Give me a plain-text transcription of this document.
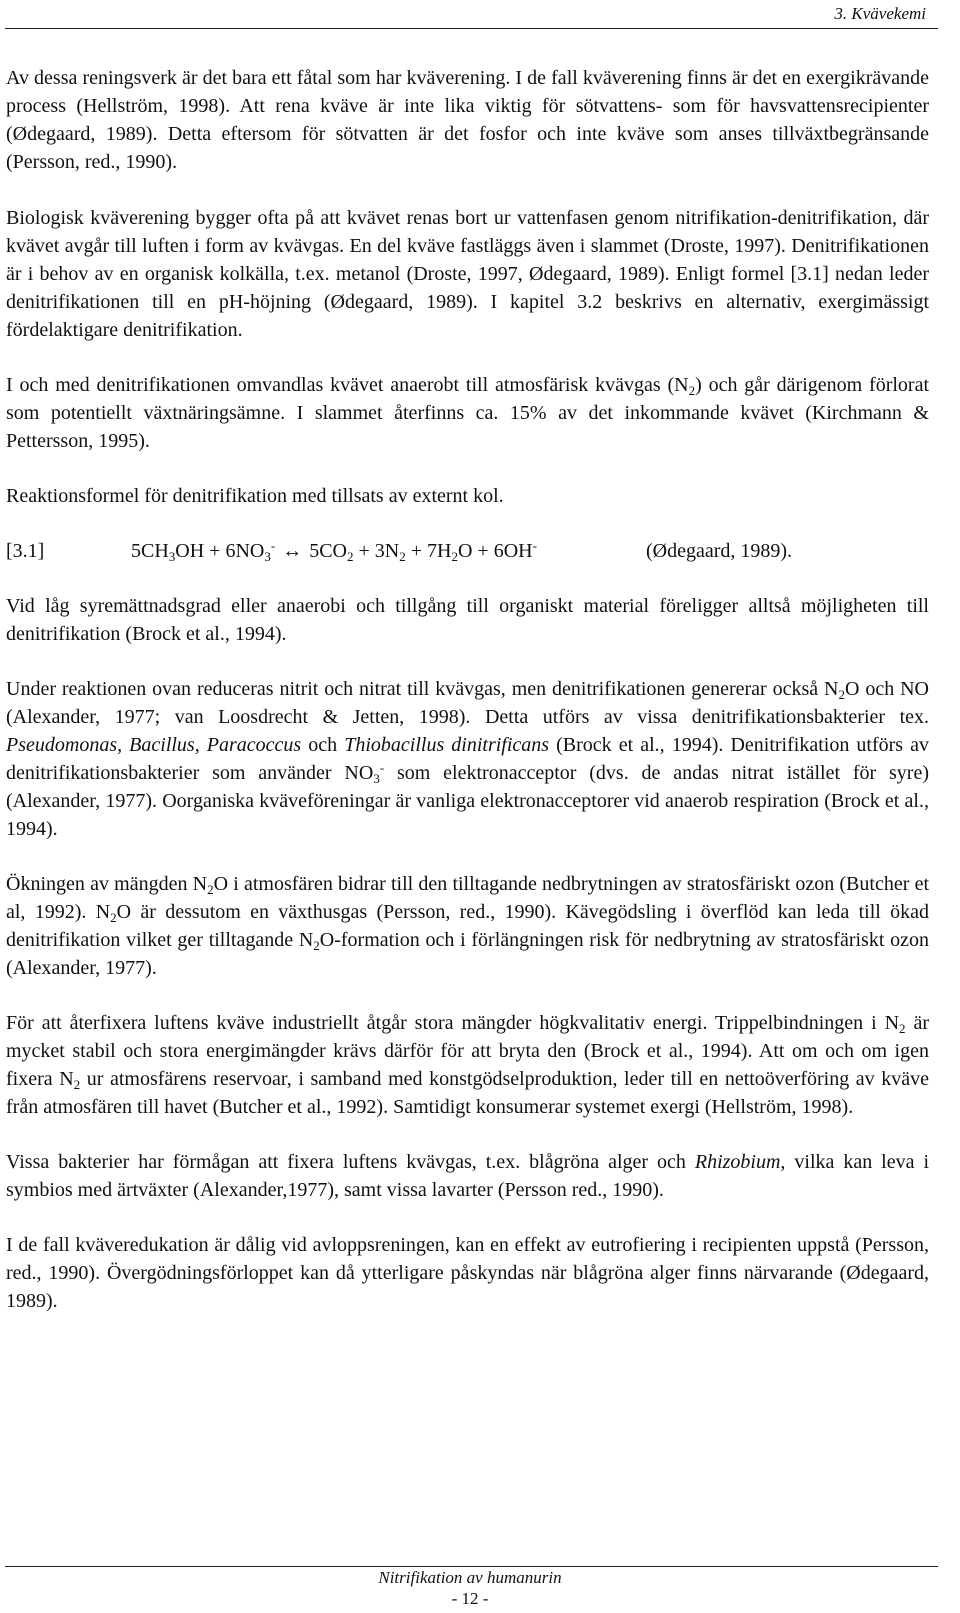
3. Kvävekemi

Av dessa reningsverk är det bara ett fåtal som har kväverening. I de fall kväverening finns är det en exergikrävande process (Hellström, 1998). Att rena kväve är inte lika viktig för sötvattens- som för havsvattensrecipienter (Ødegaard, 1989). Detta eftersom för sötvatten är det fosfor och inte kväve som anses tillväxtbegränsande (Persson, red., 1990).

Biologisk kväverening bygger ofta på att kvävet renas bort ur vattenfasen genom nitrifikation-denitrifikation, där kvävet avgår till luften i form av kvävgas. En del kväve fastläggs även i slammet (Droste, 1997). Denitrifikationen är i behov av en organisk kolkälla, t.ex. metanol (Droste, 1997, Ødegaard, 1989). Enligt formel [3.1] nedan leder denitrifikationen till en pH-höjning (Ødegaard, 1989). I kapitel 3.2 beskrivs en alternativ, exergimässigt fördelaktigare denitrifikation.

I och med denitrifikationen omvandlas kvävet anaerobt till atmosfärisk kvävgas $(N_2)$ och går därigenom förlorat som potentiellt växtnäringsämne. I slammet återfinns ca. 15% av det inkommande kvävet (Kirchmann & Pettersson, 1995).

Reaktionsformel för denitrifikation med tillsats av externt kol.

[3.1]	$5CH_3OH + 6NO_3^-$ ↔ $5CO_2 + 3N_2 + 7H_2O + 6OH^-$	(Ødegaard, 1989).

Vid låg syremättnadsgrad eller anaerobi och tillgång till organiskt material föreligger alltså möjligheten till denitrifikation (Brock et al., 1994).

Under reaktionen ovan reduceras nitrit och nitrat till kvävgas, men denitrifikationen genererar också $N_2O$ och NO (Alexander, 1977; van Loosdrecht & Jetten, 1998). Detta utförs av vissa denitrifikationsbakterier tex. Pseudomonas, Bacillus, Paracoccus och Thiobacillus dinitrificans (Brock et al., 1994). Denitrifikation utförs av denitrifikationsbakterier som använder $NO_3^-$ som elektronacceptor (dvs. de andas nitrat istället för syre) (Alexander, 1977). Oorganiska kväveföreningar är vanliga elektronacceptorer vid anaerob respiration (Brock et al., 1994).

Ökningen av mängden $N_2O$ i atmosfären bidrar till den tilltagande nedbrytningen av stratosfäriskt ozon (Butcher et al, 1992). $N_2O$ är dessutom en växthusgas (Persson, red., 1990). Kävegödsling i överflöd kan leda till ökad denitrifikation vilket ger tilltagande $N_2O$-formation och i förlängningen risk för nedbrytning av stratosfäriskt ozon (Alexander, 1977).

För att återfixera luftens kväve industriellt åtgår stora mängder högkvalitativ energi. Trippelbindningen i $N_2$ är mycket stabil och stora energimängder krävs därför för att bryta den (Brock et al., 1994). Att om och om igen fixera $N_2$ ur atmosfärens reservoar, i samband med konstgödselproduktion, leder till en nettoöverföring av kväve från atmosfären till havet (Butcher et al., 1992). Samtidigt konsumerar systemet exergi (Hellström, 1998).

Vissa bakterier har förmågan att fixera luftens kvävgas, t.ex. blågröna alger och Rhizobium, vilka kan leva i symbios med ärtväxter (Alexander,1977), samt vissa lavarter (Persson red., 1990).

I de fall kväveredukation är dålig vid avloppsreningen, kan en effekt av eutrofiering i recipienten uppstå (Persson, red., 1990). Övergödningsförloppet kan då ytterligare påskyndas när blågröna alger finns närvarande (Ødegaard, 1989).

Nitrifikation av humanurin
- 12 -
